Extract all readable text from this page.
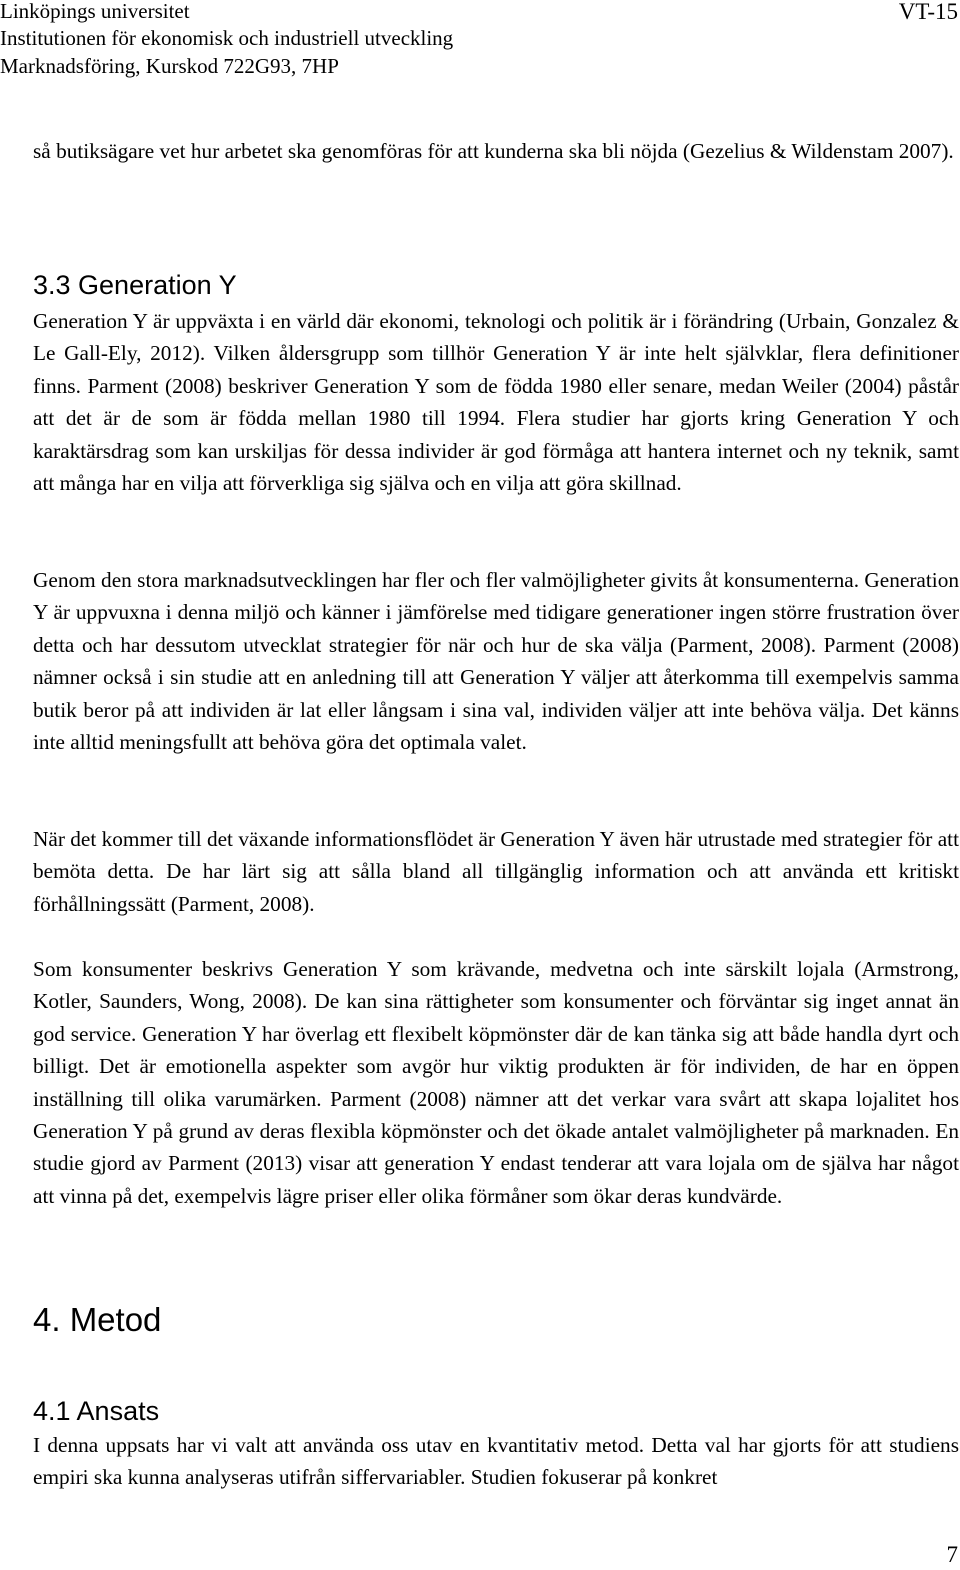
Linköpings universitet
Institutionen för ekonomisk och industriell utveckling
Marknadsföring, Kurskod 722G93, 7HP
VT-15

så butiksägare vet hur arbetet ska genomföras för att kunderna ska bli nöjda (Gezelius & Wildenstam 2007).

3.3 Generation Y

Generation Y är uppväxta i en värld där ekonomi, teknologi och politik är i förändring (Urbain, Gonzalez & Le Gall-Ely, 2012). Vilken åldersgrupp som tillhör Generation Y är inte helt självklar, flera definitioner finns. Parment (2008) beskriver Generation Y som de födda 1980 eller senare, medan Weiler (2004) påstår att det är de som är födda mellan 1980 till 1994. Flera studier har gjorts kring Generation Y och karaktärsdrag som kan urskiljas för dessa individer är god förmåga att hantera internet och ny teknik, samt att många har en vilja att förverkliga sig själva och en vilja att göra skillnad.

Genom den stora marknadsutvecklingen har fler och fler valmöjligheter givits åt konsumenterna. Generation Y är uppvuxna i denna miljö och känner i jämförelse med tidigare generationer ingen större frustration över detta och har dessutom utvecklat strategier för när och hur de ska välja (Parment, 2008). Parment (2008) nämner också i sin studie att en anledning till att Generation Y väljer att återkomma till exempelvis samma butik beror på att individen är lat eller långsam i sina val, individen väljer att inte behöva välja. Det känns inte alltid meningsfullt att behöva göra det optimala valet.

När det kommer till det växande informationsflödet är Generation Y även här utrustade med strategier för att bemöta detta. De har lärt sig att sålla bland all tillgänglig information och att använda ett kritiskt förhållningssätt (Parment, 2008).

Som konsumenter beskrivs Generation Y som krävande, medvetna och inte särskilt lojala (Armstrong, Kotler, Saunders, Wong, 2008). De kan sina rättigheter som konsumenter och förväntar sig inget annat än god service. Generation Y har överlag ett flexibelt köpmönster där de kan tänka sig att både handla dyrt och billigt. Det är emotionella aspekter som avgör hur viktig produkten är för individen, de har en öppen inställning till olika varumärken. Parment (2008) nämner att det verkar vara svårt att skapa lojalitet hos Generation Y på grund av deras flexibla köpmönster och det ökade antalet valmöjligheter på marknaden. En studie gjord av Parment (2013) visar att generation Y endast tenderar att vara lojala om de själva har något att vinna på det, exempelvis lägre priser eller olika förmåner som ökar deras kundvärde.

4. Metod
4.1 Ansats

I denna uppsats har vi valt att använda oss utav en kvantitativ metod. Detta val har gjorts för att studiens empiri ska kunna analyseras utifrån siffervariabler. Studien fokuserar på konkret

7
